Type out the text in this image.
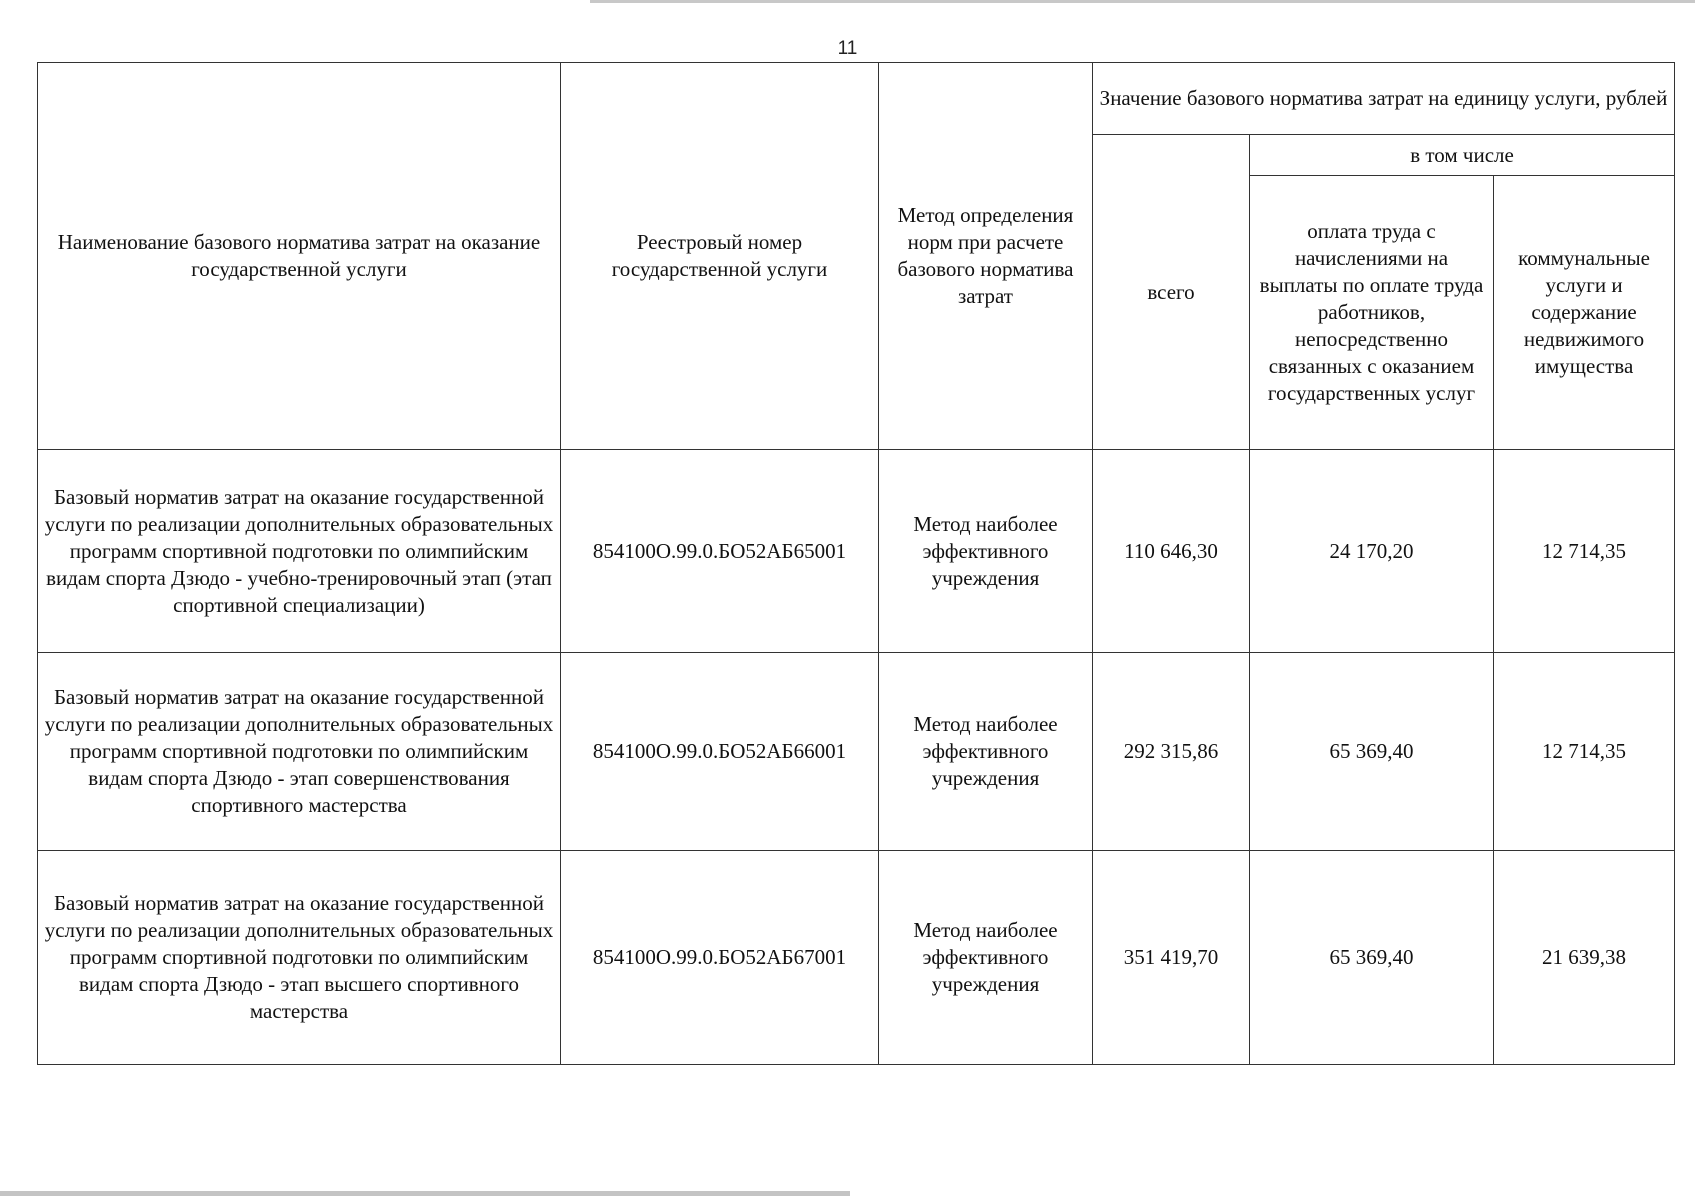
11
Наименование базового норматива затрат на оказание государственной услуги	Реестровый номер государственной услуги	Метод определения норм при расчете базового норматива затрат	Значение базового норматива затрат на единицу услуги, рублей		
			всего	в том числе	
				оплата труда с начислениями на выплаты по оплате труда работников, непосредственно связанных с оказанием государственных услуг	коммунальные услуги и содержание недвижимого имущества
Базовый норматив затрат на оказание государственной услуги по реализации дополнительных образовательных программ спортивной подготовки по олимпийским видам спорта Дзюдо - учебно-тренировочный этап (этап спортивной специализации)	854100О.99.0.БО52АБ65001	Метод наиболее эффективного учреждения	110 646,30	24 170,20	12 714,35
Базовый норматив затрат на оказание государственной услуги по реализации дополнительных образовательных программ спортивной подготовки по олимпийским видам спорта Дзюдо - этап совершенствования спортивного мастерства	854100О.99.0.БО52АБ66001	Метод наиболее эффективного учреждения	292 315,86	65 369,40	12 714,35
Базовый норматив затрат на оказание государственной услуги по реализации дополнительных образовательных программ спортивной подготовки по олимпийским видам спорта Дзюдо - этап высшего спортивного мастерства	854100О.99.0.БО52АБ67001	Метод наиболее эффективного учреждения	351 419,70	65 369,40	21 639,38
